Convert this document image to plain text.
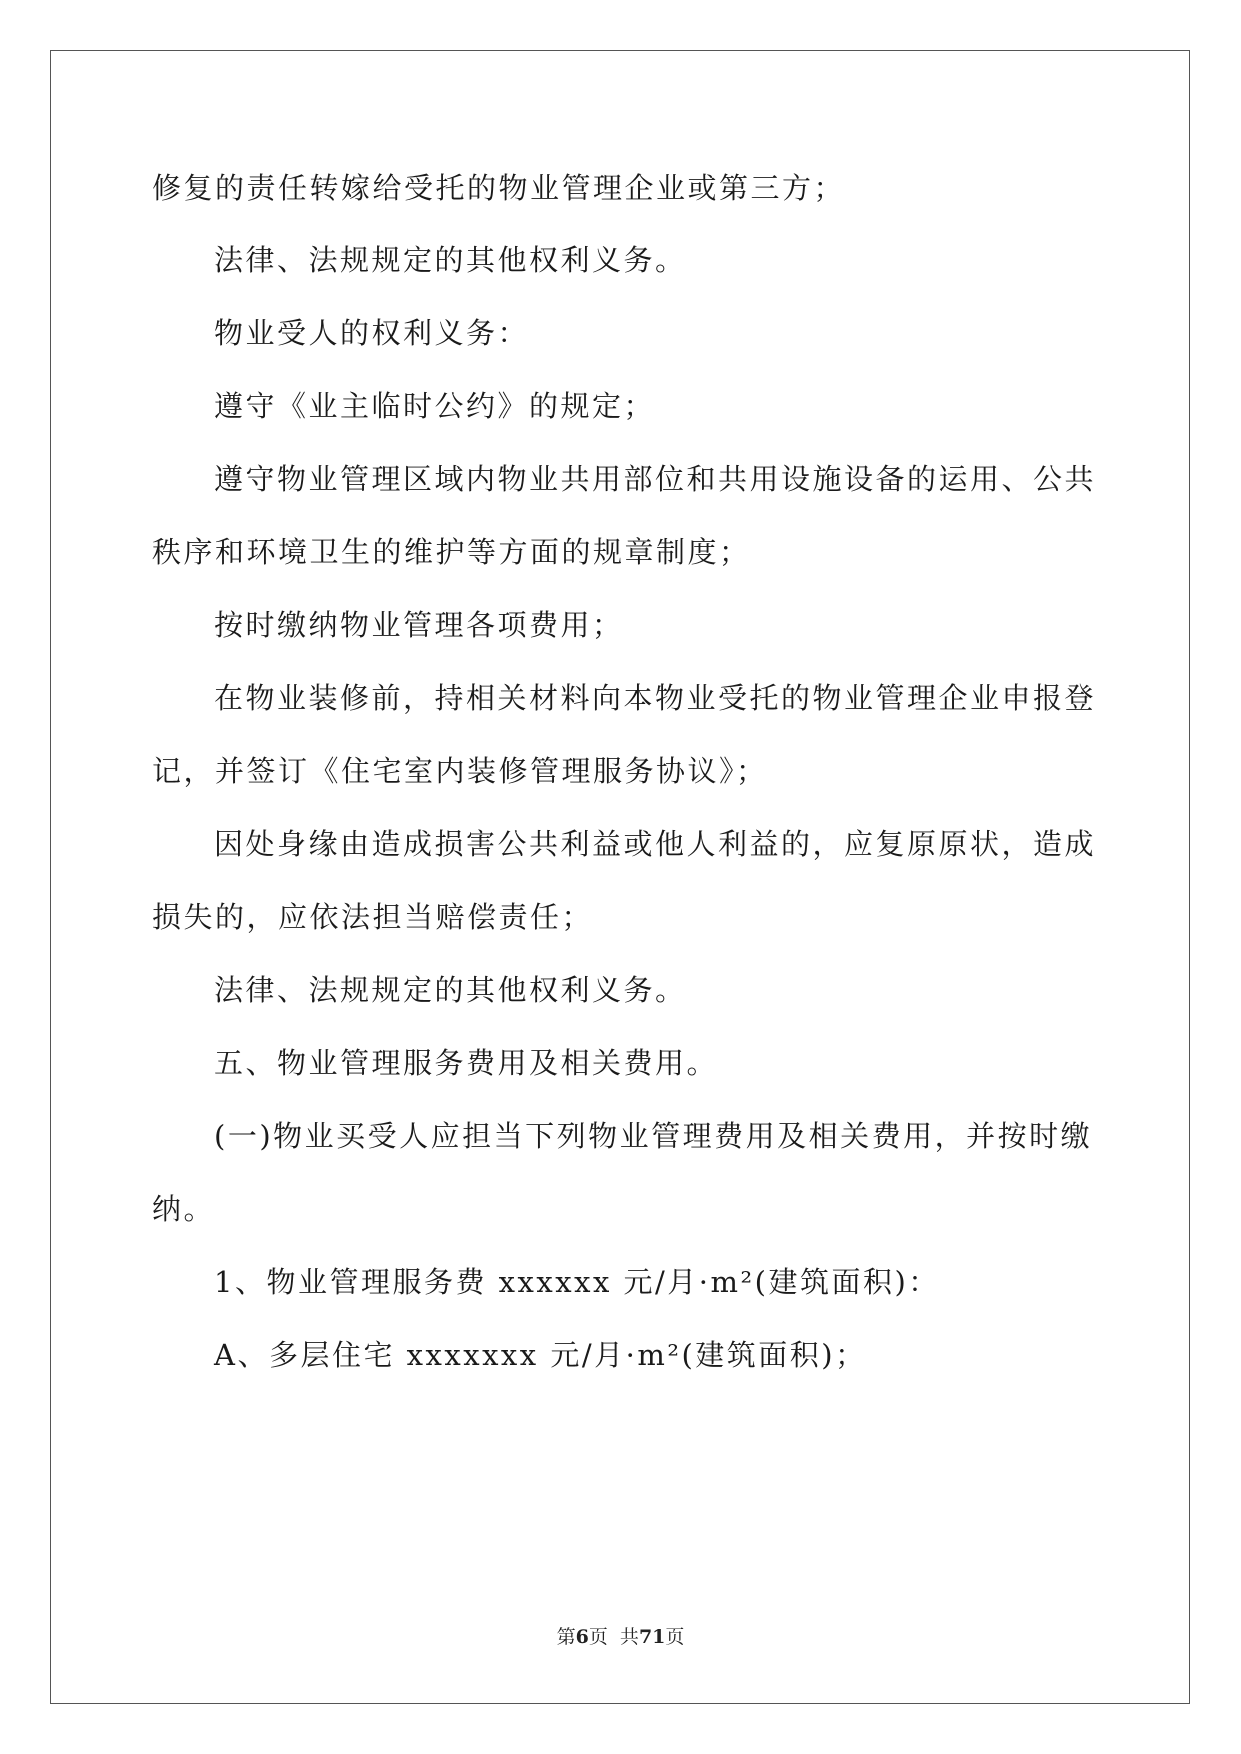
修复的责任转嫁给受托的物业管理企业或第三方；
法律、法规规定的其他权利义务。
物业受人的权利义务：
遵守《业主临时公约》的规定；
遵守物业管理区域内物业共用部位和共用设施设备的运用、公共
秩序和环境卫生的维护等方面的规章制度；
按时缴纳物业管理各项费用；
在物业装修前，持相关材料向本物业受托的物业管理企业申报登
记，并签订《住宅室内装修管理服务协议》；
因处身缘由造成损害公共利益或他人利益的，应复原原状，造成
损失的，应依法担当赔偿责任；
法律、法规规定的其他权利义务。
五、物业管理服务费用及相关费用。
(一)物业买受人应担当下列物业管理费用及相关费用，并按时缴
纳。
1、物业管理服务费 xxxxxx 元/月·m²(建筑面积)：
A、多层住宅 xxxxxxx 元/月·m²(建筑面积)；
第6页  共71页
